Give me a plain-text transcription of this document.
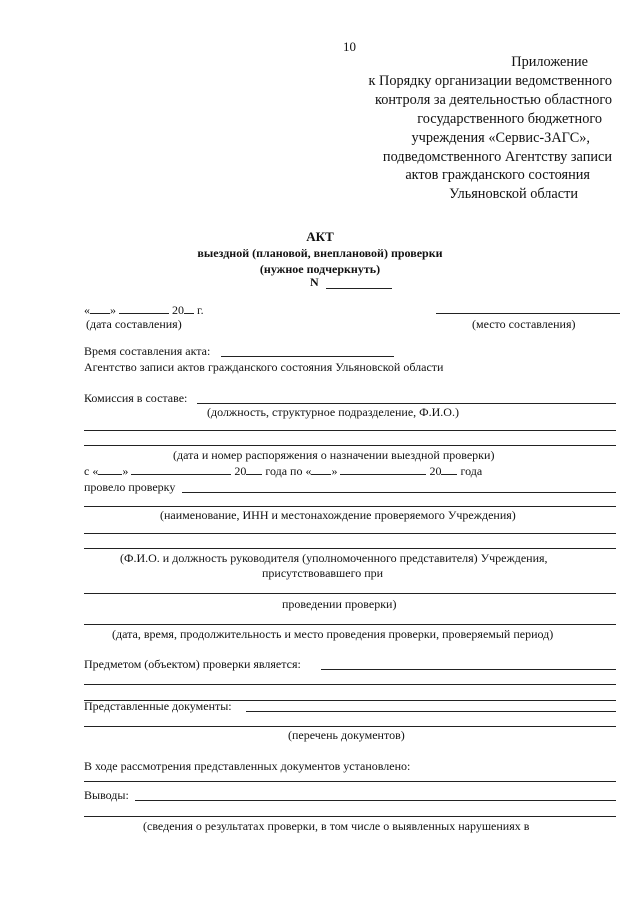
10
Приложение
к Порядку организации ведомственного
контроля за деятельностью областного
государственного бюджетного
учреждения «Сервис-ЗАГС»,
подведомственного Агентству записи
актов гражданского состояния
Ульяновской области
АКТ
выездной (плановой, внеплановой) проверки
(нужное подчеркнуть)
N
« »	20 г.
(дата составления)	(место составления)
Время составления акта:
Агентство записи актов гражданского состояния Ульяновской области
Комиссия в составе:
(должность, структурное подразделение, Ф.И.О.)
(дата и номер распоряжения о назначении выездной проверки)
с « »	20 года по « »	20 года
провело проверку
(наименование, ИНН и местонахождение проверяемого Учреждения)
(Ф.И.О. и должность руководителя (уполномоченного представителя) Учреждения,
присутствовавшего при
проведении проверки)
(дата, время, продолжительность и место проведения проверки, проверяемый период)
Предметом (объектом) проверки является:
Представленные документы:
(перечень документов)
В ходе рассмотрения представленных документов установлено:
Выводы:
(сведения о результатах проверки, в том числе о выявленных нарушениях в
